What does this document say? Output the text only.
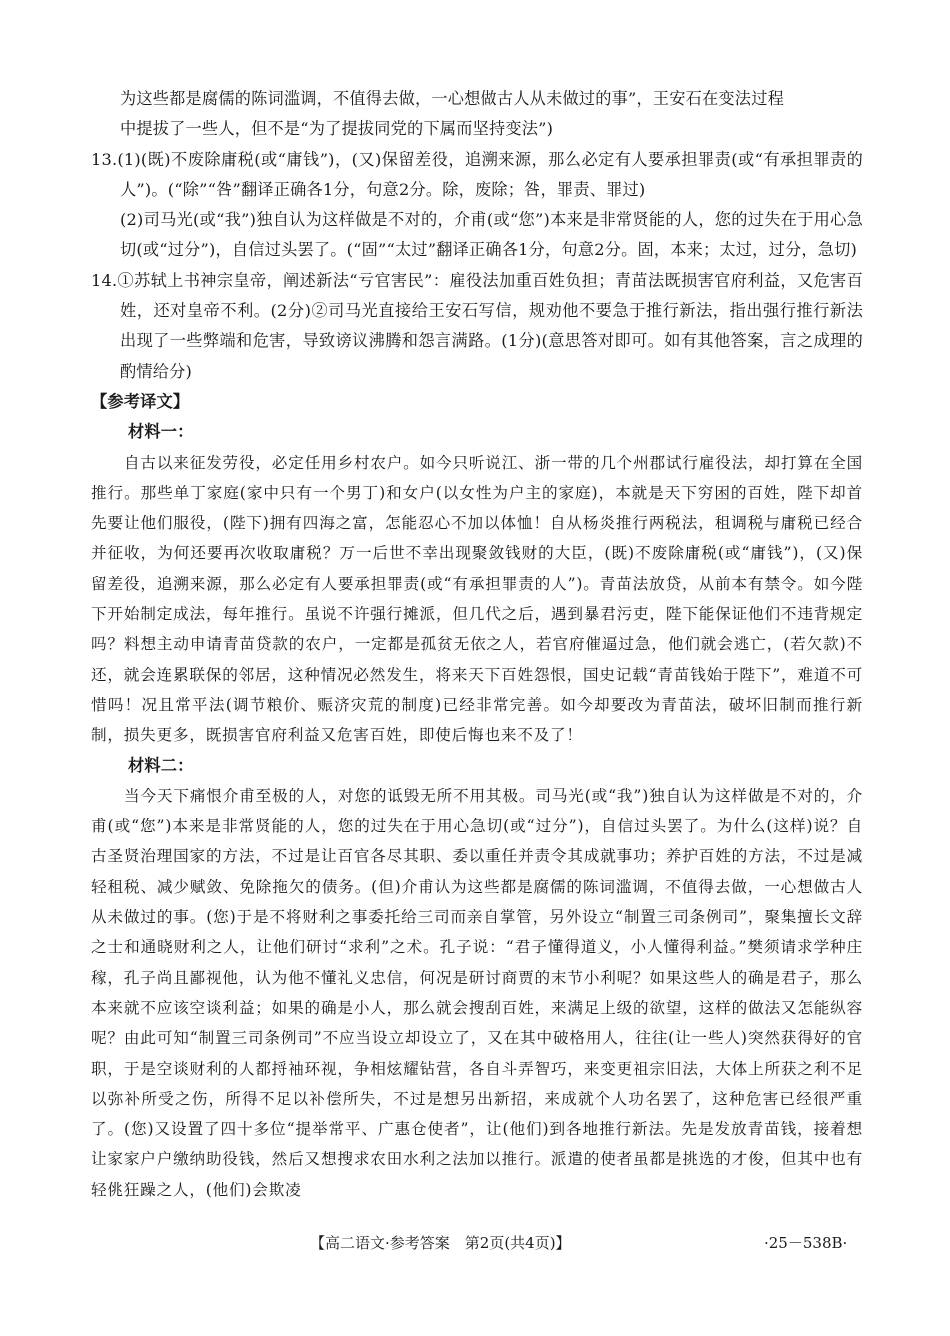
为这些都是腐儒的陈词滥调，不值得去做，一心想做古人从未做过的事”，王安石在变法过程

中提拔了一些人，但不是“为了提拔同党的下属而坚持变法”)

13.(1)(既)不废除庸税(或“庸钱”)，(又)保留差役，追溯来源，那么必定有人要承担罪责(或“有承担罪责的人”)。(“除”“咎”翻译正确各1分，句意2分。除，废除；咎，罪责、罪过)

(2)司马光(或“我”)独自认为这样做是不对的，介甫(或“您”)本来是非常贤能的人，您的过失在于用心急切(或“过分”)，自信过头罢了。(“固”“太过”翻译正确各1分，句意2分。固，本来；太过，过分，急切)

14.①苏轼上书神宗皇帝，阐述新法“亏官害民”：雇役法加重百姓负担；青苗法既损害官府利益，又危害百姓，还对皇帝不利。(2分)②司马光直接给王安石写信，规劝他不要急于推行新法，指出强行推行新法出现了一些弊端和危害，导致谤议沸腾和怨言满路。(1分)(意思答对即可。如有其他答案，言之成理的酌情给分)

【参考译文】

材料一：

自古以来征发劳役，必定任用乡村农户。如今只听说江、浙一带的几个州郡试行雇役法，却打算在全国推行。那些单丁家庭(家中只有一个男丁)和女户(以女性为户主的家庭)，本就是天下穷困的百姓，陛下却首先要让他们服役，(陛下)拥有四海之富，怎能忍心不加以体恤！自从杨炎推行两税法，租调税与庸税已经合并征收，为何还要再次收取庸税？万一后世不幸出现聚敛钱财的大臣，(既)不废除庸税(或“庸钱”)，(又)保留差役，追溯来源，那么必定有人要承担罪责(或“有承担罪责的人”)。青苗法放贷，从前本有禁令。如今陛下开始制定成法，每年推行。虽说不许强行摊派，但几代之后，遇到暴君污吏，陛下能保证他们不违背规定吗？料想主动申请青苗贷款的农户，一定都是孤贫无依之人，若官府催逼过急，他们就会逃亡，(若欠款)不还，就会连累联保的邻居，这种情况必然发生，将来天下百姓怨恨，国史记载“青苗钱始于陛下”，难道不可惜吗！况且常平法(调节粮价、赈济灾荒的制度)已经非常完善。如今却要改为青苗法，破坏旧制而推行新制，损失更多，既损害官府利益又危害百姓，即使后悔也来不及了！

材料二：

当今天下痛恨介甫至极的人，对您的诋毁无所不用其极。司马光(或“我”)独自认为这样做是不对的，介甫(或“您”)本来是非常贤能的人，您的过失在于用心急切(或“过分”)，自信过头罢了。为什么(这样)说？自古圣贤治理国家的方法，不过是让百官各尽其职、委以重任并责令其成就事功；养护百姓的方法，不过是减轻租税、减少赋敛、免除拖欠的债务。(但)介甫认为这些都是腐儒的陈词滥调，不值得去做，一心想做古人从未做过的事。(您)于是不将财利之事委托给三司而亲自掌管，另外设立“制置三司条例司”，聚集擅长文辞之士和通晓财利之人，让他们研讨“求利”之术。孔子说：“君子懂得道义，小人懂得利益。”樊须请求学种庄稼，孔子尚且鄙视他，认为他不懂礼义忠信，何况是研讨商贾的末节小利呢？如果这些人的确是君子，那么本来就不应该空谈利益；如果的确是小人，那么就会搜刮百姓，来满足上级的欲望，这样的做法又怎能纵容呢？由此可知“制置三司条例司”不应当设立却设立了，又在其中破格用人，往往(让一些人)突然获得好的官职，于是空谈财利的人都捋袖环视，争相炫耀钻营，各自斗弄智巧，来变更祖宗旧法，大体上所获之利不足以弥补所受之伤，所得不足以补偿所失，不过是想另出新招，来成就个人功名罢了，这种危害已经很严重了。(您)又设置了四十多位“提举常平、广惠仓使者”，让(他们)到各地推行新法。先是发放青苗钱，接着想让家家户户缴纳助役钱，然后又想搜求农田水利之法加以推行。派遣的使者虽都是挑选的才俊，但其中也有轻佻狂躁之人，(他们)会欺凌

【高二语文·参考答案　第2页(共4页)】	·25－538B·
